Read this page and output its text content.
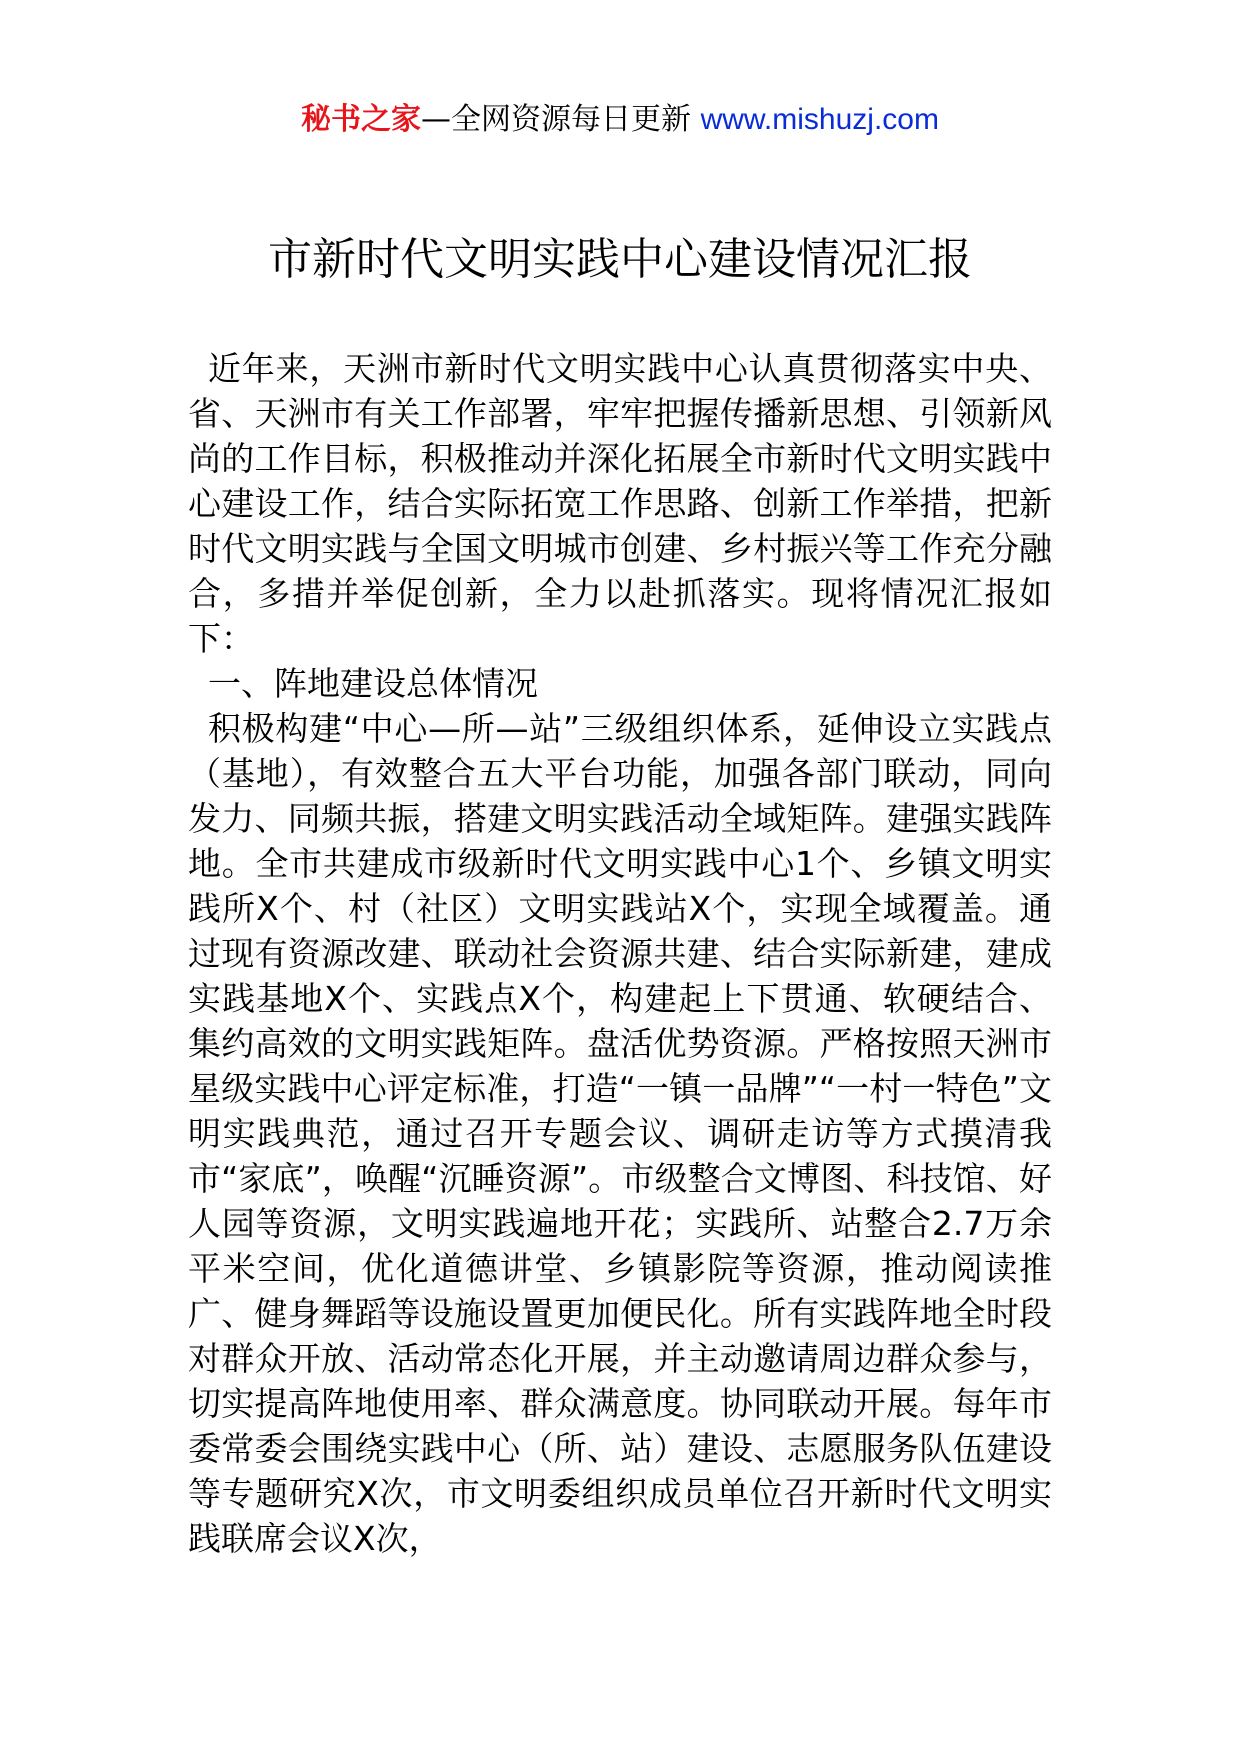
秘书之家—全网资源每日更新 www.mishuzj.com
市新时代文明实践中心建设情况汇报

近年来，天洲市新时代文明实践中心认真贯彻落实中央、省、天洲市有关工作部署，牢牢把握传播新思想、引领新风尚的工作目标，积极推动并深化拓展全市新时代文明实践中心建设工作，结合实际拓宽工作思路、创新工作举措，把新时代文明实践与全国文明城市创建、乡村振兴等工作充分融合，多措并举促创新，全力以赴抓落实。现将情况汇报如下：

一、阵地建设总体情况

积极构建“中心—所—站”三级组织体系，延伸设立实践点（基地），有效整合五大平台功能，加强各部门联动，同向发力、同频共振，搭建文明实践活动全域矩阵。建强实践阵地。全市共建成市级新时代文明实践中心1个、乡镇文明实践所X个、村（社区）文明实践站X个，实现全域覆盖。通过现有资源改建、联动社会资源共建、结合实际新建，建成实践基地X个、实践点X个，构建起上下贯通、软硬结合、集约高效的文明实践矩阵。盘活优势资源。严格按照天洲市星级实践中心评定标准，打造“一镇一品牌”“一村一特色”文明实践典范，通过召开专题会议、调研走访等方式摸清我市“家底”，唤醒“沉睡资源”。市级整合文博图、科技馆、好人园等资源，文明实践遍地开花；实践所、站整合2.7万余平米空间，优化道德讲堂、乡镇影院等资源，推动阅读推广、健身舞蹈等设施设置更加便民化。所有实践阵地全时段对群众开放、活动常态化开展，并主动邀请周边群众参与，切实提高阵地使用率、群众满意度。协同联动开展。每年市委常委会围绕实践中心（所、站）建设、志愿服务队伍建设等专题研究X次，市文明委组织成员单位召开新时代文明实践联席会议X次，
